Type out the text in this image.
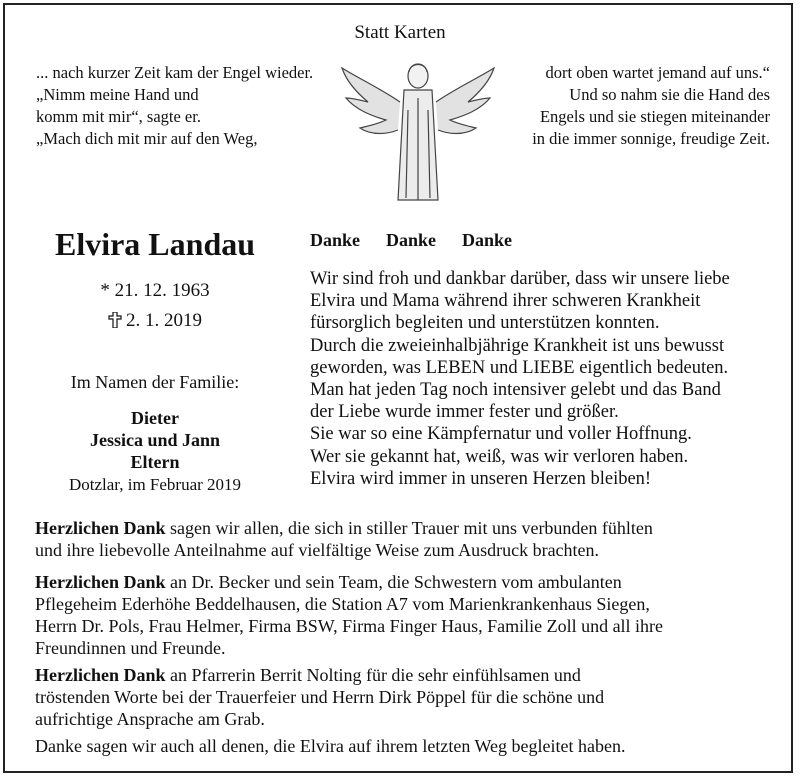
Statt Karten
... nach kurzer Zeit kam der Engel wieder.
„Nimm meine Hand und
komm mit mir“, sagte er.
„Mach dich mit mir auf den Weg,
dort oben wartet jemand auf uns.“
Und so nahm sie die Hand des
Engels und sie stiegen miteinander
in die immer sonnige, freudige Zeit.
Elvira Landau
* 21. 12. 1963
2. 1. 2019
Im Namen der Familie:
Dieter
Jessica und Jann
Eltern
Dotzlar, im Februar 2019
Danke Danke Danke
Wir sind froh und dankbar darüber, dass wir unsere liebe
Elvira und Mama während ihrer schweren Krankheit
fürsorglich begleiten und unterstützen konnten.
Durch die zweieinhalbjährige Krankheit ist uns bewusst
geworden, was LEBEN und LIEBE eigentlich bedeuten.
Man hat jeden Tag noch intensiver gelebt und das Band
der Liebe wurde immer fester und größer.
Sie war so eine Kämpfernatur und voller Hoffnung.
Wer sie gekannt hat, weiß, was wir verloren haben.
Elvira wird immer in unseren Herzen bleiben!
Herzlichen Dank sagen wir allen, die sich in stiller Trauer mit uns verbunden fühlten
und ihre liebevolle Anteilnahme auf vielfältige Weise zum Ausdruck brachten.
Herzlichen Dank an Dr. Becker und sein Team, die Schwestern vom ambulanten
Pflegeheim Ederhöhe Beddelhausen, die Station A7 vom Marienkrankenhaus Siegen,
Herrn Dr. Pols, Frau Helmer, Firma BSW, Firma Finger Haus, Familie Zoll und all ihre
Freundinnen und Freunde.
Herzlichen Dank an Pfarrerin Berrit Nolting für die sehr einfühlsamen und
tröstenden Worte bei der Trauerfeier und Herrn Dirk Pöppel für die schöne und
aufrichtige Ansprache am Grab.
Danke sagen wir auch all denen, die Elvira auf ihrem letzten Weg begleitet haben.
